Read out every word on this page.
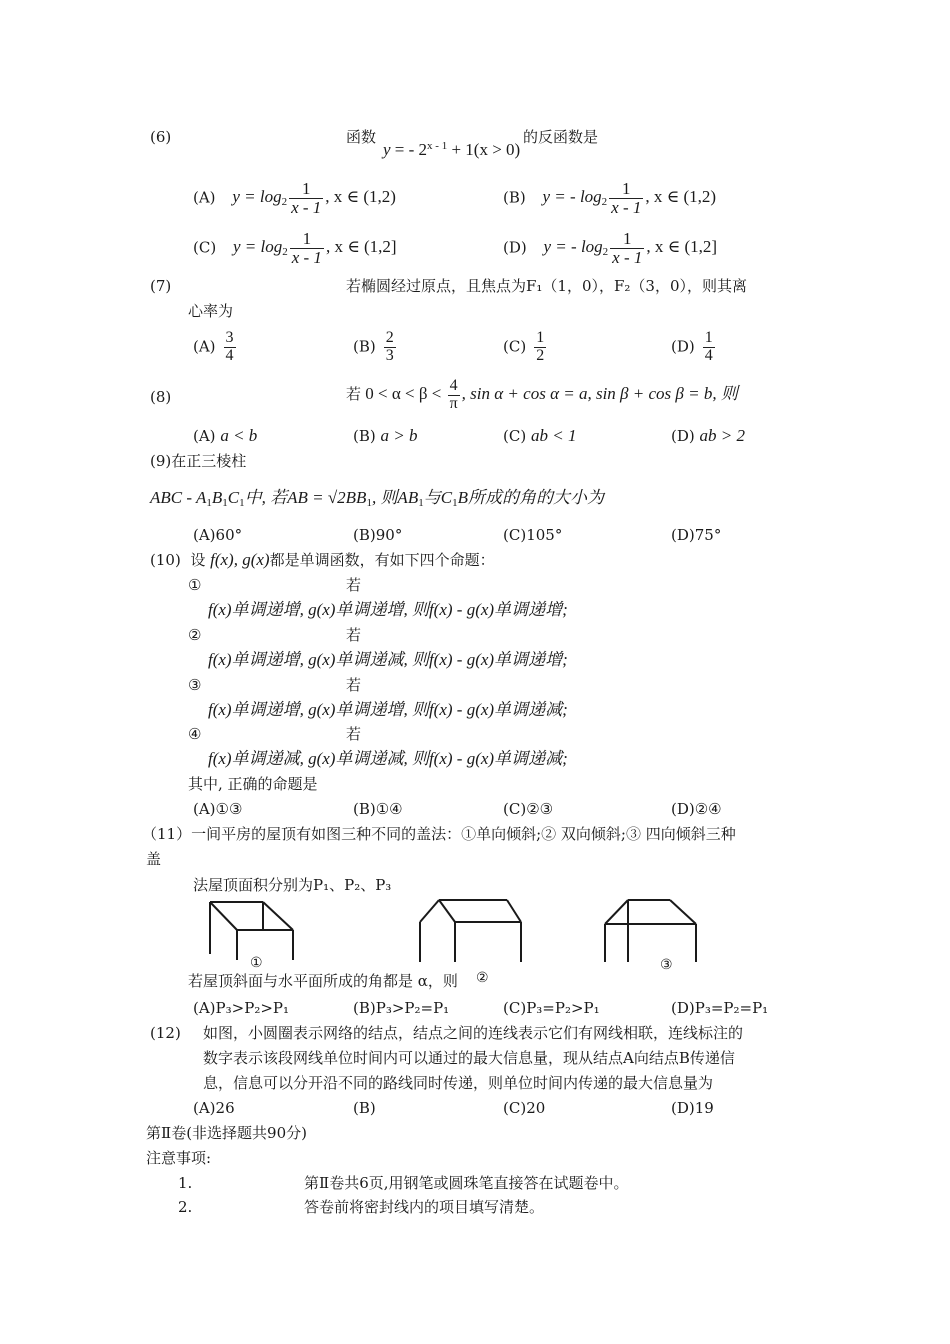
(6)	函数
y = - $2^{x - 1} + 1(x > 0)$
的反函数是
(A) $y = \log_2 \frac{1}{x - 1}$ , x ∈ (1,2)	(B) y = - $\log_2 \frac{1}{x - 1}$ , x ∈ (1,2)
(C) $y = \log_2 \frac{1}{x - 1}$ , x ∈ (1,2]	(D) y = - $\log_2 \frac{1}{x - 1}$ , x ∈ (1,2]
(7)	若椭圆经过原点，且焦点为F₁（1，0），F₂（3，0），则其离
心率为
$(A) \frac{3}{4}$	$(B) \frac{2}{3}$	$(C) \frac{1}{2}$	$(D) \frac{1}{4}$
(8)	若 $0 < \alpha < \beta < \frac{4}{\pi}$ , sin α + cos α = a, sin β + cos β = b, 则
(A) a < b	(B) a > b	(C) ab < 1	(D) ab > 2
(9)在正三棱柱
ABC - $A_1B_1C_1$中, 若AB = $√2BB_1$, 则$AB_1$与$C_1B$所成的角的大小为
(A)60°	(B)90°	(C)105°	(D)75°
(10) 设 f(x), g(x)都是单调函数，有如下四个命题：
①	若
f(x)单调递增, g(x)单调递增, 则f(x) - g(x)单调递增;
②	若
f(x)单调递增, g(x)单调递减, 则f(x) - g(x)单调递增;
③	若
f(x)单调递增, g(x)单调递增, 则f(x) - g(x)单调递减;
④	若
f(x)单调递减, g(x)单调递减, 则f(x) - g(x)单调递减;
其中, 正确的命题是
(A)①③	(B)①④	(C)②③	(D)②④
（11）一间平房的屋顶有如图三种不同的盖法：①单向倾斜;② 双向倾斜;③ 四向倾斜三种
盖
法屋顶面积分别为P₁、P₂、P₃
①
②
③
若屋顶斜面与水平面所成的角都是 α，则
(A)P₃>P₂>P₁	(B)P₃>P₂=P₁	(C)P₃=P₂>P₁	(D)P₃=P₂=P₁
(12) 如图，小圆圈表示网络的结点，结点之间的连线表示它们有网线相联，连线标注的
数字表示该段网线单位时间内可以通过的最大信息量，现从结点A向结点B传递信
息，信息可以分开沿不同的路线同时传递，则单位时间内传递的最大信息量为
(A)26	(B)	(C)20	(D)19
第Ⅱ卷(非选择题共90分)
注意事项:
1.	第Ⅱ卷共6页,用钢笔或圆珠笔直接答在试题卷中。
2.	答卷前将密封线内的项目填写清楚。
